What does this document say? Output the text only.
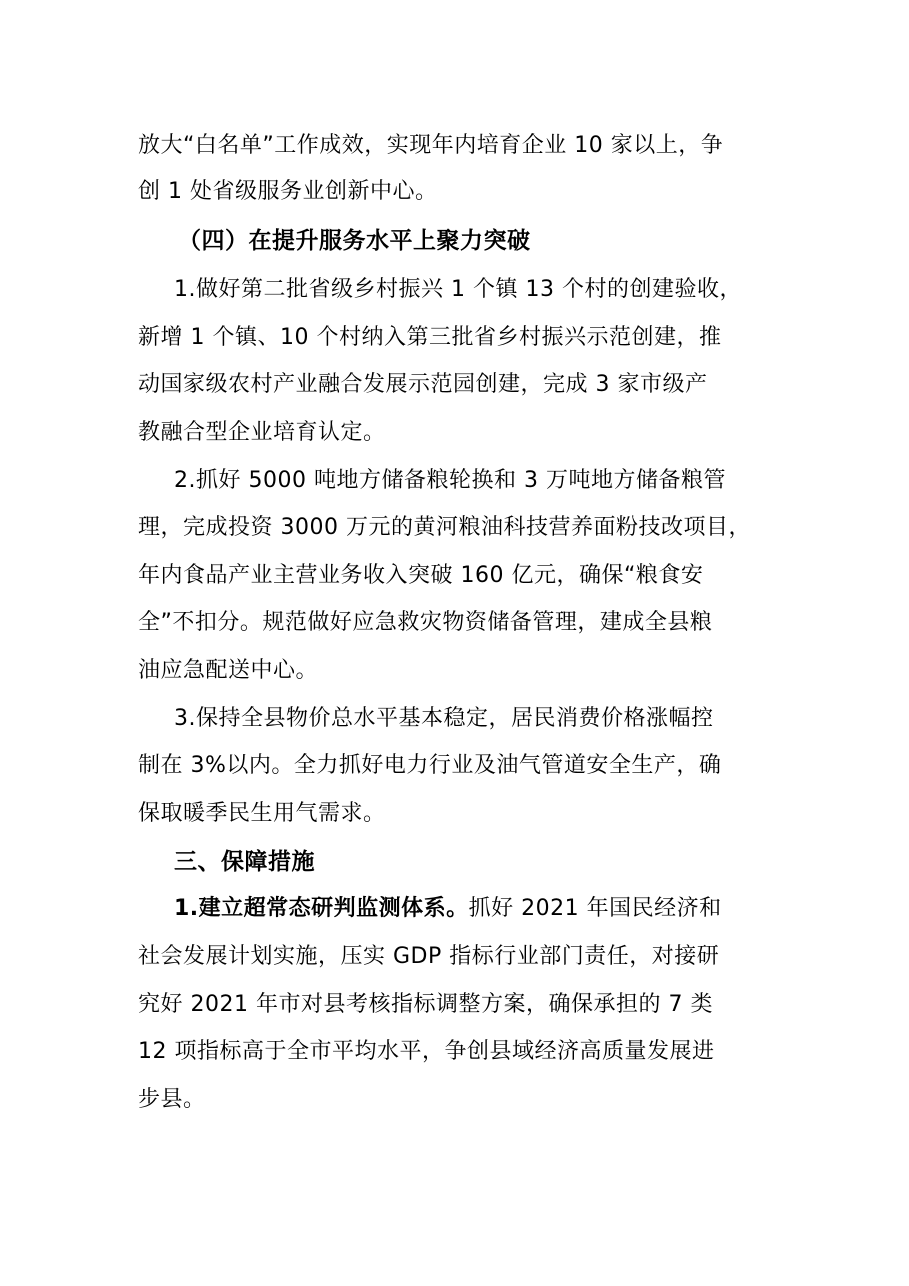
放大“白名单”工作成效，实现年内培育企业 10 家以上，争
创 1 处省级服务业创新中心。
（四）在提升服务水平上聚力突破
1.做好第二批省级乡村振兴 1 个镇 13 个村的创建验收，
新增 1 个镇、10 个村纳入第三批省乡村振兴示范创建，推
动国家级农村产业融合发展示范园创建，完成 3 家市级产
教融合型企业培育认定。
2.抓好 5000 吨地方储备粮轮换和 3 万吨地方储备粮管
理，完成投资 3000 万元的黄河粮油科技营养面粉技改项目，
年内食品产业主营业务收入突破 160 亿元，确保“粮食安
全”不扣分。规范做好应急救灾物资储备管理，建成全县粮
油应急配送中心。
3.保持全县物价总水平基本稳定，居民消费价格涨幅控
制在 3%以内。全力抓好电力行业及油气管道安全生产，确
保取暖季民生用气需求。
三、保障措施
1.建立超常态研判监测体系。抓好 2021 年国民经济和
社会发展计划实施，压实 GDP 指标行业部门责任，对接研
究好 2021 年市对县考核指标调整方案，确保承担的 7 类
12 项指标高于全市平均水平，争创县域经济高质量发展进
步县。
